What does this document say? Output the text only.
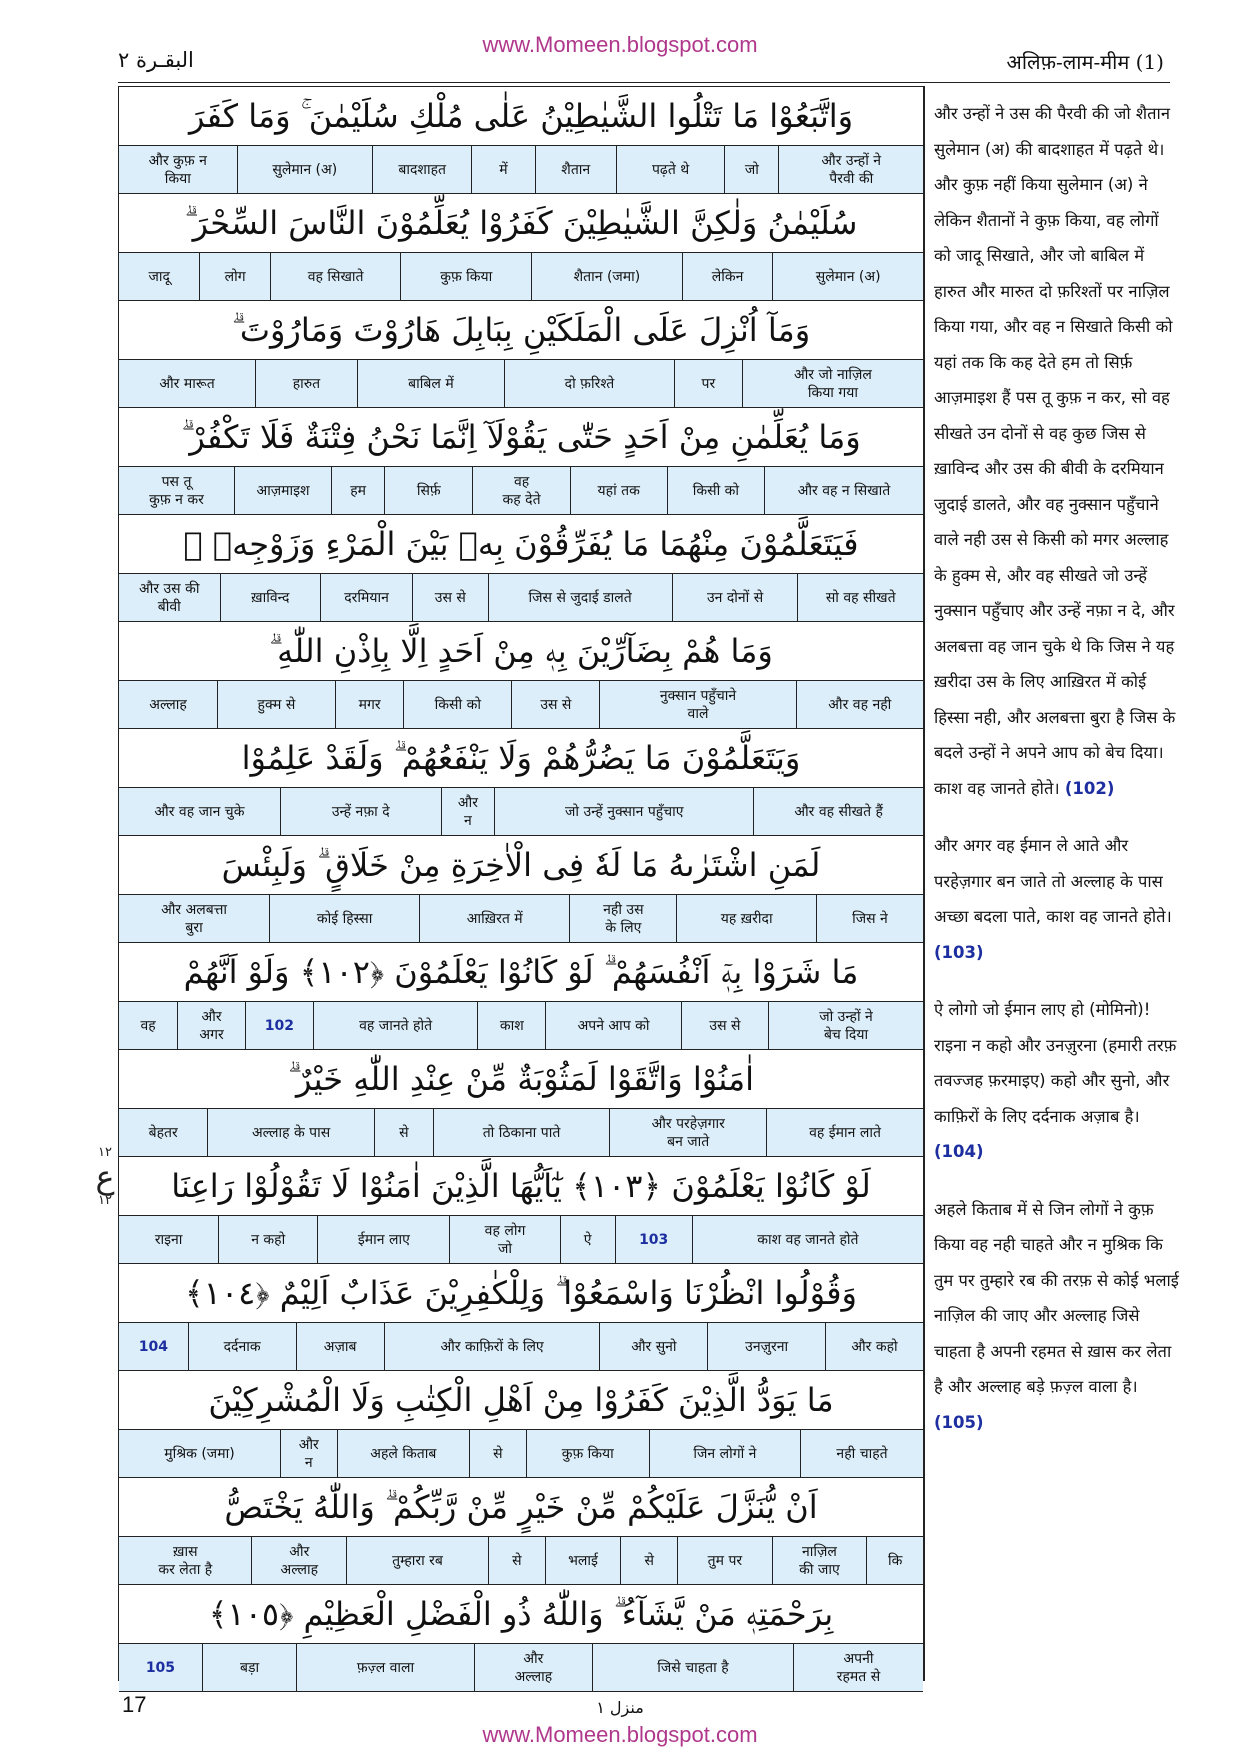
www.Momeen.blogspot.com
البقـرة ٢	अलिफ़-लाम-मीम (1)
١٢
ع
١٢
وَاتَّبَعُوْا مَا تَتْلُوا الشَّيٰطِيْنُ عَلٰى مُلْكِ سُلَيْمٰنَ ۚ وَمَا كَفَرَ
और उन्हों ने
पैरवी की
जो
पढ़ते थे
शैतान
में
बादशाहत
सुलेमान (अ)
और कुफ़ न
किया
سُلَيْمٰنُ وَلٰكِنَّ الشَّيٰطِيْنَ كَفَرُوْا يُعَلِّمُوْنَ النَّاسَ السِّحْرَ ۗ
सुलेमान (अ)
लेकिन
शैतान (जमा)
कुफ़ किया
वह सिखाते
लोग
जादू
وَمَآ اُنْزِلَ عَلَى الْمَلَكَيْنِ بِبَابِلَ هَارُوْتَ وَمَارُوْتَ ۗ
और जो नाज़िल
किया गया
पर
दो फ़रिश्ते
बाबिल में
हारुत
और मारूत
وَمَا يُعَلِّمٰنِ مِنْ اَحَدٍ حَتّٰى يَقُوْلَآ اِنَّمَا نَحْنُ فِتْنَةٌ فَلَا تَكْفُرْ ۗ
और वह न सिखाते
किसी को
यहां तक
वह
कह देते
सिर्फ़
हम
आज़माइश
पस तू
कुफ़ न कर
فَيَتَعَلَّمُوْنَ مِنْهُمَا مَا يُفَرِّقُوْنَ بِهٖ بَيْنَ الْمَرْءِ وَزَوْجِهٖ ۗ
सो वह सीखते
उन दोनों से
जिस से जुदाई डालते
उस से
दरमियान
ख़ाविन्द
और उस की
बीवी
وَمَا هُمْ بِضَآرِّيْنَ بِهٖ مِنْ اَحَدٍ اِلَّا بِاِذْنِ اللّٰهِ ۗ
और वह नही
नुक्सान पहुँचाने
वाले
उस से
किसी को
मगर
हुक्म से
अल्लाह
وَيَتَعَلَّمُوْنَ مَا يَضُرُّهُمْ وَلَا يَنْفَعُهُمْ ۗ وَلَقَدْ عَلِمُوْا
और वह सीखते हैं
जो उन्हें नुक्सान पहुँचाए
और
न
उन्हें नफ़ा दे
और वह जान चुके
لَمَنِ اشْتَرٰىهُ مَا لَهٗ فِى الْاٰخِرَةِ مِنْ خَلَاقٍ ۗ وَلَبِئْسَ
जिस ने
यह ख़रीदा
नही उस
के लिए
आख़िरत में
कोई हिस्सा
और अलबत्ता
बुरा
مَا شَرَوْا بِهٖٓ اَنْفُسَهُمْ ۗ لَوْ كَانُوْا يَعْلَمُوْنَ ﴿١٠٢﴾ وَلَوْ اَنَّهُمْ
जो उन्हों ने
बेच दिया
उस से
अपने आप को
काश
वह जानते होते
102
और
अगर
वह
اٰمَنُوْا وَاتَّقَوْا لَمَثُوْبَةٌ مِّنْ عِنْدِ اللّٰهِ خَيْرٌ ۗ
वह ईमान लाते
और परहेज़गार
बन जाते
तो ठिकाना पाते
से
अल्लाह के पास
बेहतर
لَوْ كَانُوْا يَعْلَمُوْنَ ﴿١٠٣﴾ يٰٓاَيُّهَا الَّذِيْنَ اٰمَنُوْا لَا تَقُوْلُوْا رَاعِنَا
काश वह जानते होते
103
ऐ
वह लोग
जो
ईमान लाए
न कहो
राइना
وَقُوْلُوا انْظُرْنَا وَاسْمَعُوْا ۗ وَلِلْكٰفِرِيْنَ عَذَابٌ اَلِيْمٌ ﴿١٠٤﴾
और कहो
उनज़ुरना
और सुनो
और काफ़िरों के लिए
अज़ाब
दर्दनाक
104
مَا يَوَدُّ الَّذِيْنَ كَفَرُوْا مِنْ اَهْلِ الْكِتٰبِ وَلَا الْمُشْرِكِيْنَ
नही चाहते
जिन लोगों ने
कुफ़ किया
से
अहले किताब
और
न
मुश्रिक (जमा)
اَنْ يُّنَزَّلَ عَلَيْكُمْ مِّنْ خَيْرٍ مِّنْ رَّبِّكُمْ ۗ وَاللّٰهُ يَخْتَصُّ
कि
नाज़िल
की जाए
तुम पर
से
भलाई
से
तुम्हारा रब
और
अल्लाह
ख़ास
कर लेता है
بِرَحْمَتِهٖ مَنْ يَّشَآءُ ۗ وَاللّٰهُ ذُو الْفَضْلِ الْعَظِيْمِ ﴿١٠٥﴾
अपनी
रहमत से
जिसे चाहता है
और
अल्लाह
फ़ज़्ल वाला
बड़ा
105

और उन्हों ने उस की पैरवी की जो शैतान सुलेमान (अ) की बादशाहत में पढ़ते थे। और कुफ़ नहीं किया सुलेमान (अ) ने लेकिन शैतानों ने कुफ़ किया, वह लोगों को जादू सिखाते, और जो बाबिल में हारुत और मारुत दो फ़रिश्तों पर नाज़िल किया गया, और वह न सिखाते किसी को यहां तक कि कह देते हम तो सिर्फ़ आज़माइश हैं पस तू कुफ़ न कर, सो वह सीखते उन दोनों से वह कुछ जिस से ख़ाविन्द और उस की बीवी के दरमियान जुदाई डालते, और वह नुक्सान पहुँचाने वाले नही उस से किसी को मगर अल्लाह के हुक्म से, और वह सीखते जो उन्हें नुक्सान पहुँचाए और उन्हें नफ़ा न दे, और अलबत्ता वह जान चुके थे कि जिस ने यह ख़रीदा उस के लिए आख़िरत में कोई हिस्सा नही, और अलबत्ता बुरा है जिस के बदले उन्हों ने अपने आप को बेच दिया। काश वह जानते होते। (102)

और अगर वह ईमान ले आते और परहेज़गार बन जाते तो अल्लाह के पास अच्छा बदला पाते, काश वह जानते होते। (103)

ऐ लोगो जो ईमान लाए हो (मोमिनो)! राइना न कहो और उनज़ुरना (हमारी तरफ़ तवज्जह फ़रमाइए) कहो और सुनो, और काफ़िरों के लिए दर्दनाक अज़ाब है। (104)

अहले किताब में से जिन लोगों ने कुफ़ किया वह नही चाहते और न मुश्रिक कि तुम पर तुम्हारे रब की तरफ़ से कोई भलाई नाज़िल की जाए और अल्लाह जिसे चाहता है अपनी रहमत से ख़ास कर लेता है और अल्लाह बड़े फ़ज़्ल वाला है। (105)

17	منزل ١
www.Momeen.blogspot.com
